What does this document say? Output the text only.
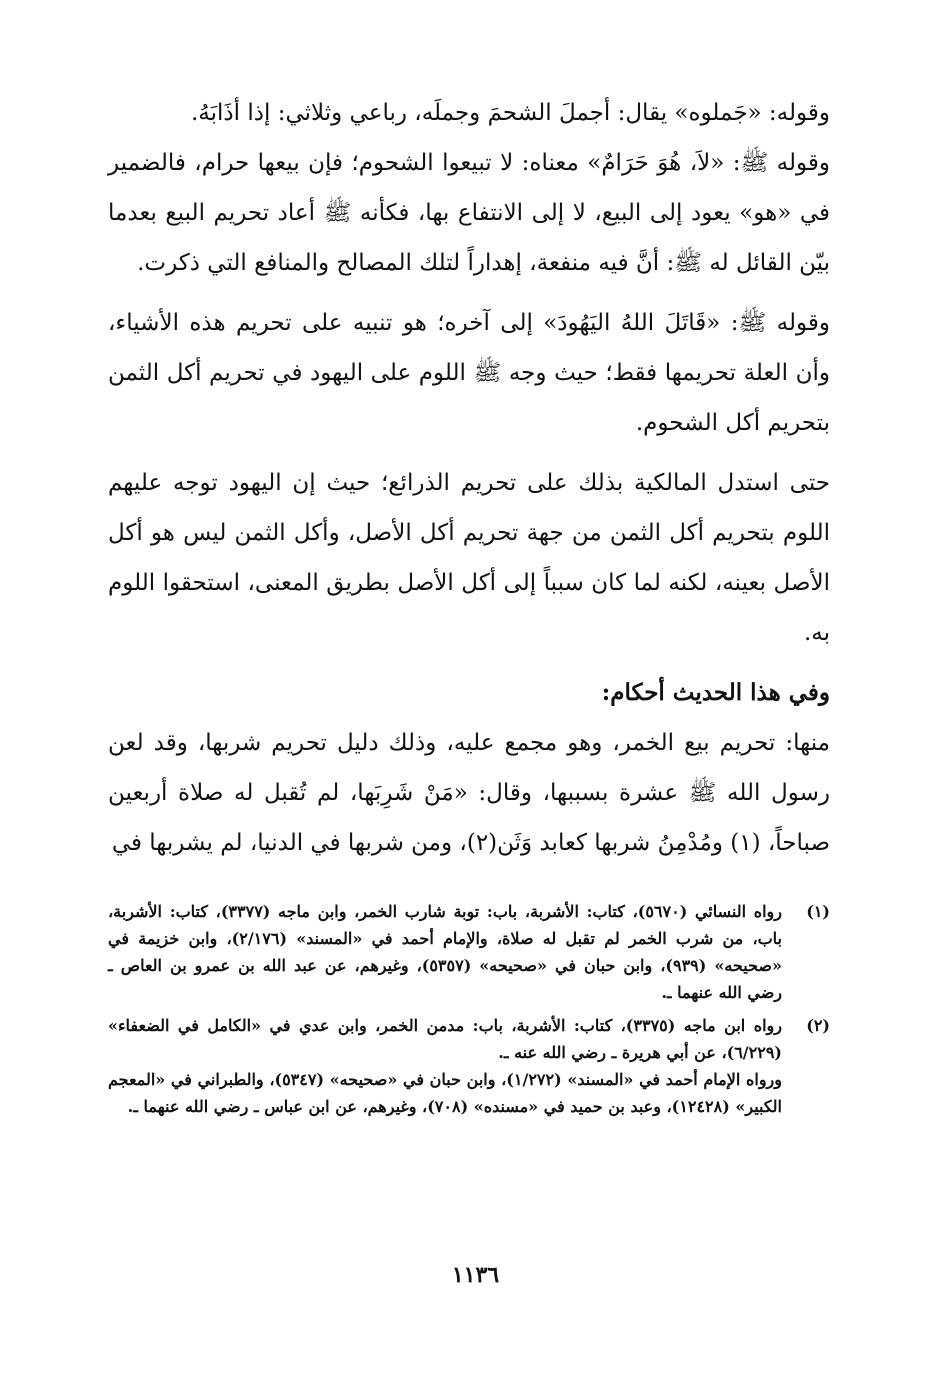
وقوله: «جَملوه» يقال: أجملَ الشحمَ وجملَه، رباعي وثلاثي: إذا أذَابَهُ.

وقوله ﷺ: «لاَ، هُوَ حَرَامٌ» معناه: لا تبيعوا الشحوم؛ فإن بيعها حرام، فالضمير في «هو» يعود إلى البيع، لا إلى الانتفاع بها، فكأنه ﷺ أعاد تحريم البيع بعدما بيّن القائل له ﷺ: أنَّ فيه منفعة، إهداراً لتلك المصالح والمنافع التي ذكرت.

وقوله ﷺ: «قَاتَلَ اللهُ اليَهُودَ» إلى آخره؛ هو تنبيه على تحريم هذه الأشياء، وأن العلة تحريمها فقط؛ حيث وجه ﷺ اللوم على اليهود في تحريم أكل الثمن بتحريم أكل الشحوم.

حتى استدل المالكية بذلك على تحريم الذرائع؛ حيث إن اليهود توجه عليهم اللوم بتحريم أكل الثمن من جهة تحريم أكل الأصل، وأكل الثمن ليس هو أكل الأصل بعينه، لكنه لما كان سبباً إلى أكل الأصل بطريق المعنى، استحقوا اللوم به.

وفي هذا الحديث أحكام:

منها: تحريم بيع الخمر، وهو مجمع عليه، وذلك دليل تحريم شربها، وقد لعن رسول الله ﷺ عشرة بسببها، وقال: «مَنْ شَرِبَها، لم تُقبل له صلاة أربعين صباحاً، (١) ومُدْمِنُ شربها كعابد وَثَن(٢)، ومن شربها في الدنيا، لم يشربها في

(١)

رواه النسائي (٥٦٧٠)، كتاب: الأشربة، باب: توبة شارب الخمر، وابن ماجه (٣٣٧٧)، كتاب: الأشربة، باب، من شرب الخمر لم تقبل له صلاة، والإمام أحمد في «المسند» (٢/١٧٦)، وابن خزيمة في «صحيحه» (٩٣٩)، وابن حبان في «صحيحه» (٥٣٥٧)، وغيرهم، عن عبد الله بن عمرو بن العاص ـ رضي الله عنهما ـ.

(٢)

رواه ابن ماجه (٣٣٧٥)، كتاب: الأشربة، باب: مدمن الخمر، وابن عدي في «الكامل في الضعفاء» (٦/٢٢٩)، عن أبي هريرة ـ رضي الله عنه ـ.

ورواه الإمام أحمد في «المسند» (١/٢٧٢)، وابن حبان في «صحيحه» (٥٣٤٧)، والطبراني في «المعجم الكبير» (١٢٤٢٨)، وعبد بن حميد في «مسنده» (٧٠٨)، وغيرهم، عن ابن عباس ـ رضي الله عنهما ـ.

١١٣٦
